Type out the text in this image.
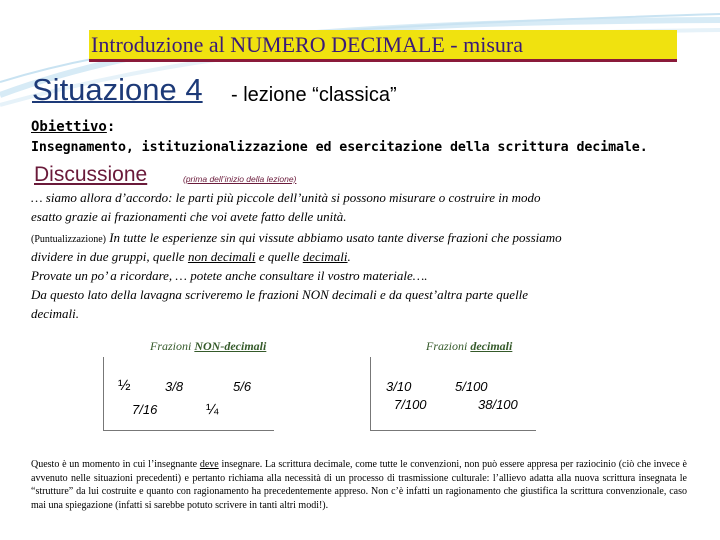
Introduzione al NUMERO DECIMALE - misura
Situazione 4 - lezione “classica”
Obiettivo:
Insegnamento, istituzionalizzazione ed esercitazione della scrittura decimale.
Discussione	(prima dell’inizio della lezione)
… siamo allora d’accordo: le parti più piccole dell’unità si possono misurare o costruire in modo
esatto grazie ai frazionamenti che voi avete fatto delle unità.
(Puntualizzazione) In tutte le esperienze sin qui vissute abbiamo usato tante diverse frazioni che possiamo
dividere in due gruppi, quelle non decimali e quelle decimali.
Provate un po’ a ricordare, … potete anche consultare il vostro materiale….
Da questo lato della lavagna scriveremo le frazioni NON decimali e da quest’altra parte quelle
decimali.
Frazioni NON-decimali	Frazioni decimali
½	3/8	5/6
7/16	¼
3/10	5/100
7/100	38/100
Questo è un momento in cui l’insegnante deve insegnare. La scrittura decimale, come tutte le convenzioni, non può essere appresa per raziocinio (ciò che invece è avvenuto nelle situazioni precedenti) e pertanto richiama alla necessità di un processo di trasmissione culturale: l’allievo adatta alla nuova scrittura insegnata le “strutture” da lui costruite e quanto con ragionamento ha precedentemente appreso. Non c’è infatti un ragionamento che giustifica la scrittura convenzionale, caso mai una spiegazione (infatti si sarebbe potuto scrivere in tanti altri modi!).
